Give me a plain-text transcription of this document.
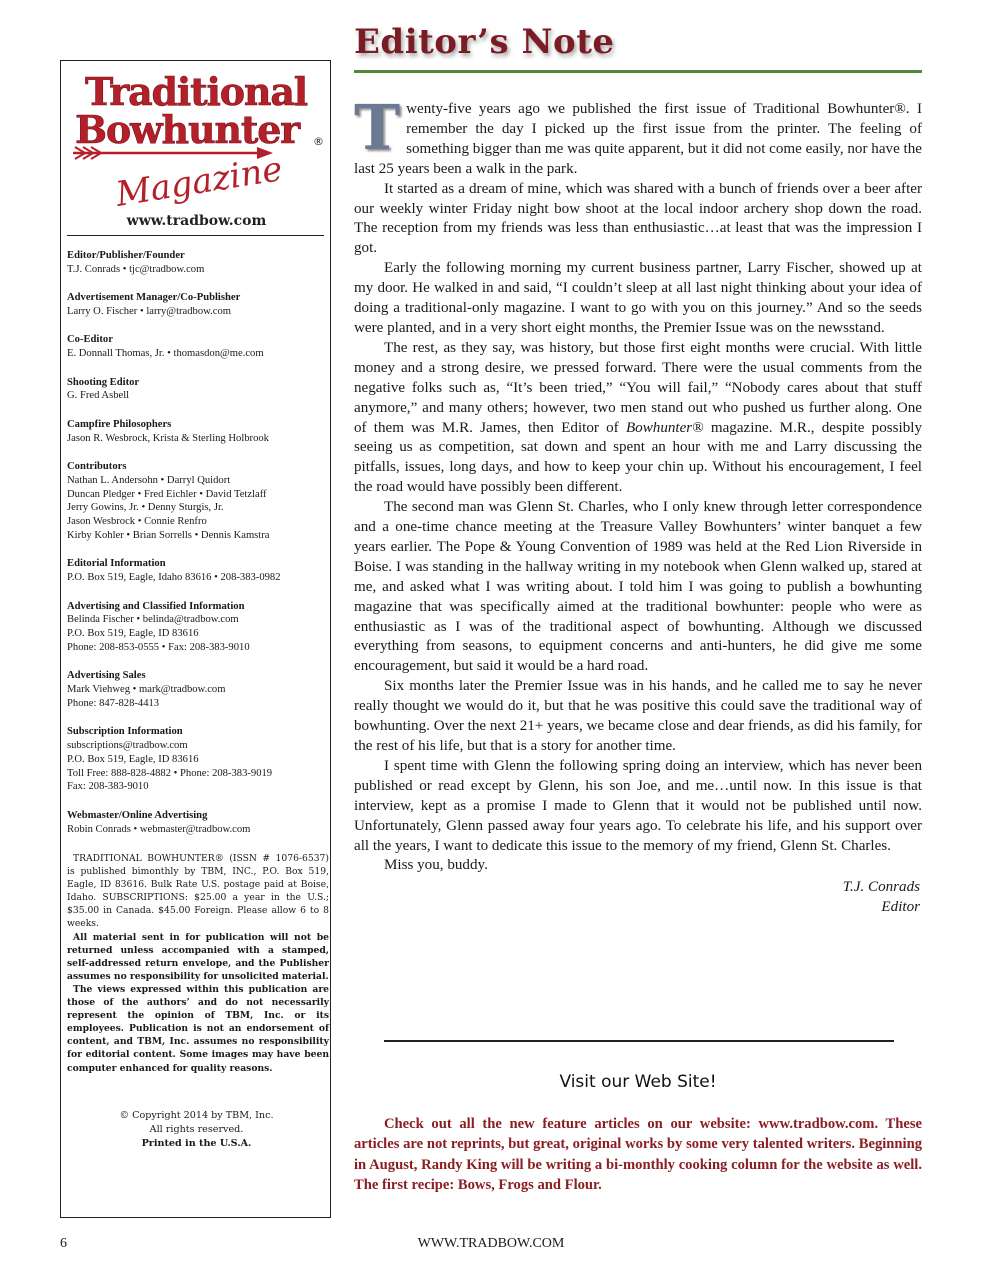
Editor’s Note
Traditional
Bowhunter ®
Magazine
www.tradbow.com
Editor/Publisher/Founder
T.J. Conrads • tjc@tradbow.com
Advertisement Manager/Co-Publisher
Larry O. Fischer • larry@tradbow.com
Co-Editor
E. Donnall Thomas, Jr. • thomasdon@me.com
Shooting Editor
G. Fred Asbell
Campfire Philosophers
Jason R. Wesbrock, Krista & Sterling Holbrook
Contributors
Nathan L. Andersohn • Darryl Quidort
Duncan Pledger • Fred Eichler • David Tetzlaff
Jerry Gowins, Jr. • Denny Sturgis, Jr.
Jason Wesbrock • Connie Renfro
Kirby Kohler • Brian Sorrells • Dennis Kamstra
Editorial Information
P.O. Box 519, Eagle, Idaho 83616 • 208-383-0982
Advertising and Classified Information
Belinda Fischer • belinda@tradbow.com
P.O. Box 519, Eagle, ID 83616
Phone: 208-853-0555 • Fax: 208-383-9010
Advertising Sales
Mark Viehweg • mark@tradbow.com
Phone: 847-828-4413
Subscription Information
subscriptions@tradbow.com
P.O. Box 519, Eagle, ID 83616
Toll Free: 888-828-4882 • Phone: 208-383-9019
Fax: 208-383-9010
Webmaster/Online Advertising
Robin Conrads • webmaster@tradbow.com

TRADITIONAL BOWHUNTER® (ISSN # 1076-6537) is published bimonthly by TBM, INC., P.O. Box 519, Eagle, ID 83616. Bulk Rate U.S. postage paid at Boise, Idaho. SUBSCRIPTIONS: $25.00 a year in the U.S.; $35.00 in Canada. $45.00 Foreign. Please allow 6 to 8 weeks.

All material sent in for publication will not be returned unless accompanied with a stamped, self-addressed return envelope, and the Publisher assumes no responsibility for unsolicited material.

The views expressed within this publication are those of the authors’ and do not necessarily represent the opinion of TBM, Inc. or its employees. Publication is not an endorsement of content, and TBM, Inc. assumes no responsibility for editorial content. Some images may have been computer enhanced for quality reasons.

© Copyright 2014 by TBM, Inc.
All rights reserved.
Printed in the U.S.A.

Twenty-five years ago we published the first issue of Traditional Bowhunter®. I remember the day I picked up the first issue from the printer. The feeling of something bigger than me was quite apparent, but it did not come easily, nor have the last 25 years been a walk in the park.

It started as a dream of mine, which was shared with a bunch of friends over a beer after our weekly winter Friday night bow shoot at the local indoor archery shop down the road. The reception from my friends was less than enthusiastic…at least that was the impression I got.

Early the following morning my current business partner, Larry Fischer, showed up at my door. He walked in and said, “I couldn’t sleep at all last night thinking about your idea of doing a traditional-only magazine. I want to go with you on this journey.” And so the seeds were planted, and in a very short eight months, the Premier Issue was on the newsstand.

The rest, as they say, was history, but those first eight months were crucial. With little money and a strong desire, we pressed forward. There were the usual comments from the negative folks such as, “It’s been tried,” “You will fail,” “Nobody cares about that stuff anymore,” and many others; however, two men stand out who pushed us further along. One of them was M.R. James, then Editor of Bowhunter® magazine. M.R., despite possibly seeing us as competition, sat down and spent an hour with me and Larry discussing the pitfalls, issues, long days, and how to keep your chin up. Without his encouragement, I feel the road would have possibly been different.

The second man was Glenn St. Charles, who I only knew through letter correspondence and a one-time chance meeting at the Treasure Valley Bowhunters’ winter banquet a few years earlier. The Pope & Young Convention of 1989 was held at the Red Lion Riverside in Boise. I was standing in the hallway writing in my notebook when Glenn walked up, stared at me, and asked what I was writing about. I told him I was going to publish a bowhunting magazine that was specifically aimed at the traditional bowhunter: people who were as enthusiastic as I was of the traditional aspect of bowhunting. Although we discussed everything from seasons, to equipment concerns and anti-hunters, he did give me some encouragement, but said it would be a hard road.

Six months later the Premier Issue was in his hands, and he called me to say he never really thought we would do it, but that he was positive this could save the traditional way of bowhunting. Over the next 21+ years, we became close and dear friends, as did his family, for the rest of his life, but that is a story for another time.

I spent time with Glenn the following spring doing an interview, which has never been published or read except by Glenn, his son Joe, and me…until now. In this issue is that interview, kept as a promise I made to Glenn that it would not be published until now. Unfortunately, Glenn passed away four years ago. To celebrate his life, and his support over all the years, I want to dedicate this issue to the memory of my friend, Glenn St. Charles.

Miss you, buddy.

T.J. Conrads
Editor
Visit our Web Site!

Check out all the new feature articles on our website: www.tradbow.com. These articles are not reprints, but great, original works by some very talented writers. Beginning in August, Randy King will be writing a bi-monthly cooking column for the website as well. The first recipe: Bows, Frogs and Flour.

6	WWW.TRADBOW.COM
